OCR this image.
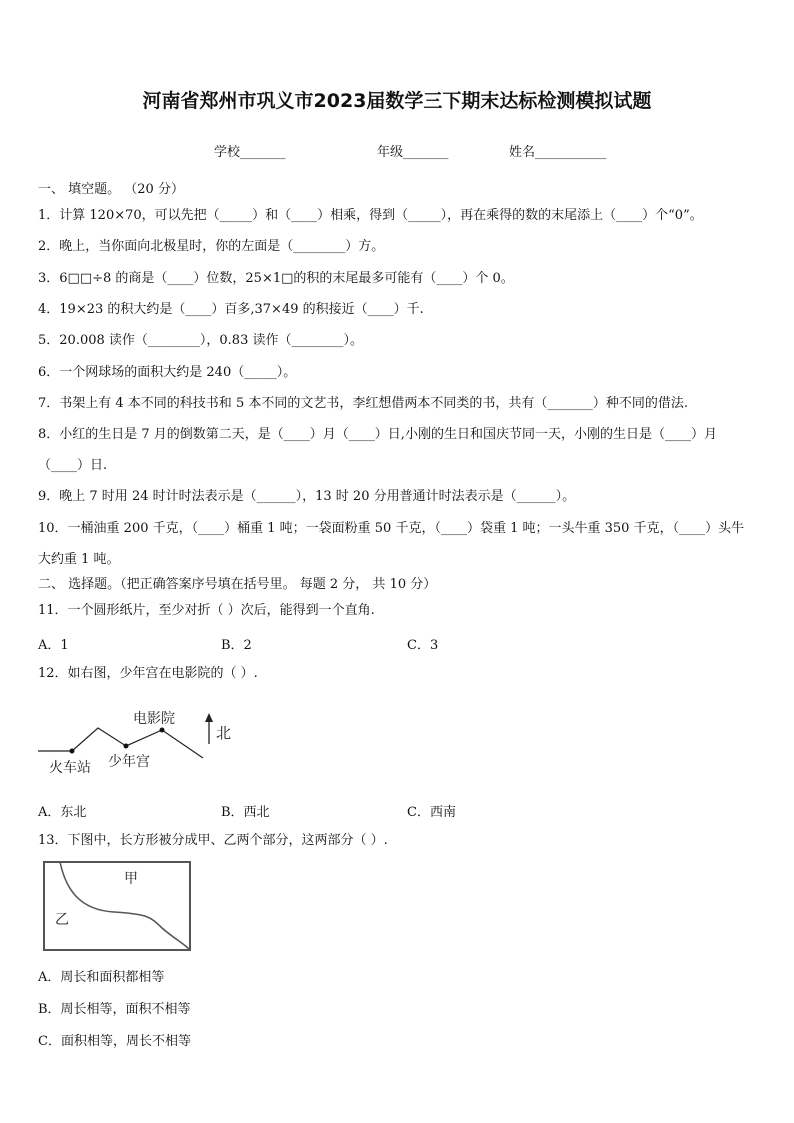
河南省郑州市巩义市2023届数学三下期末达标检测模拟试题
学校_______	年级_______	姓名___________
一、 填空题。 （20 分）
1．计算 120×70，可以先把（_____）和（____）相乘，得到（_____），再在乘得的数的末尾添上（____）个“0”。
2．晚上，当你面向北极星时，你的左面是（________）方。
3．6□□÷8 的商是（____）位数，25×1□的积的末尾最多可能有（____）个 0。
4．19×23 的积大约是（____）百多,37×49 的积接近（____）千.
5．20.008 读作（________），0.83 读作（________）。
6．一个网球场的面积大约是 240（_____）。
7．书架上有 4 本不同的科技书和 5 本不同的文艺书，李红想借两本不同类的书，共有（_______）种不同的借法.
8．小红的生日是 7 月的倒数第二天，是（____）月（____）日,小刚的生日和国庆节同一天，小刚的生日是（____）月（____）日.
9．晚上 7 时用 24 时计时法表示是（______），13 时 20 分用普通计时法表示是（______）。
10．一桶油重 200 千克，（____）桶重 1 吨；一袋面粉重 50 千克，（____）袋重 1 吨；一头牛重 350 千克，（____）头牛大约重 1 吨。
二、 选择题。（把正确答案序号填在括号里。 每题 2 分， 共 10 分）
11．一个圆形纸片，至少对折（ ）次后，能得到一个直角.
A．1	B．2	C．3
12．如右图，少年宫在电影院的（ ）.
电影院
火车站 少年宫
北
A．东北	B．西北	C．西南
13．下图中，长方形被分成甲、乙两个部分，这两部分（ ）.
甲
乙
A．周长和面积都相等
B．周长相等，面积不相等
C．面积相等，周长不相等
